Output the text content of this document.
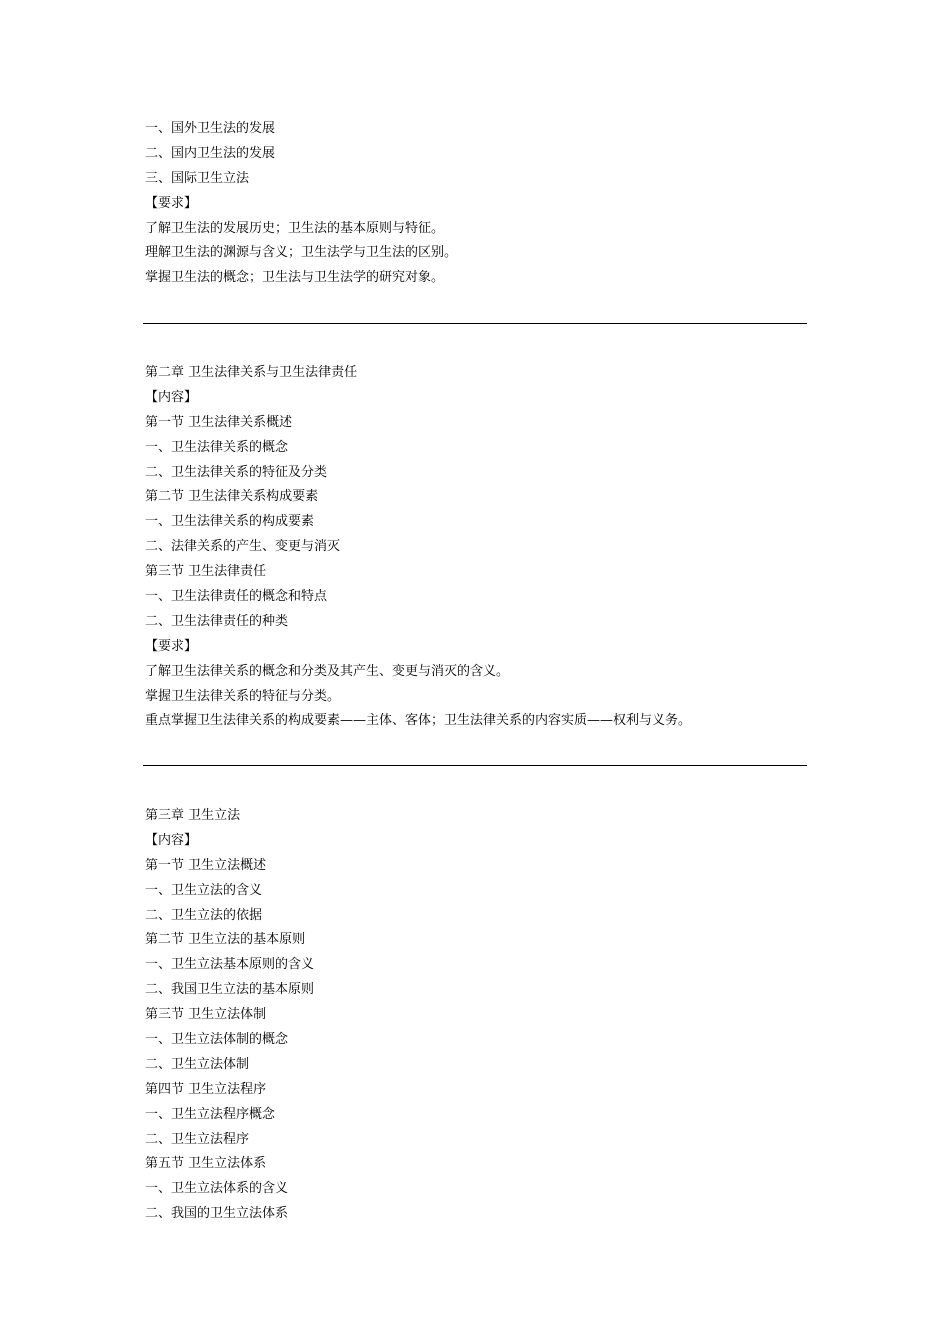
一、国外卫生法的发展

二、国内卫生法的发展

三、国际卫生立法

【要求】

了解卫生法的发展历史；卫生法的基本原则与特征。

理解卫生法的渊源与含义；卫生法学与卫生法的区别。

掌握卫生法的概念；卫生法与卫生法学的研究对象。

第二章 卫生法律关系与卫生法律责任

【内容】

第一节 卫生法律关系概述

一、卫生法律关系的概念

二、卫生法律关系的特征及分类

第二节 卫生法律关系构成要素

一、卫生法律关系的构成要素

二、法律关系的产生、变更与消灭

第三节 卫生法律责任

一、卫生法律责任的概念和特点

二、卫生法律责任的种类

【要求】

了解卫生法律关系的概念和分类及其产生、变更与消灭的含义。

掌握卫生法律关系的特征与分类。

重点掌握卫生法律关系的构成要素——主体、客体；卫生法律关系的内容实质——权利与义务。

第三章 卫生立法

【内容】

第一节 卫生立法概述

一、卫生立法的含义

二、卫生立法的依据

第二节 卫生立法的基本原则

一、卫生立法基本原则的含义

二、我国卫生立法的基本原则

第三节 卫生立法体制

一、卫生立法体制的概念

二、卫生立法体制

第四节 卫生立法程序

一、卫生立法程序概念

二、卫生立法程序

第五节 卫生立法体系

一、卫生立法体系的含义

二、我国的卫生立法体系
